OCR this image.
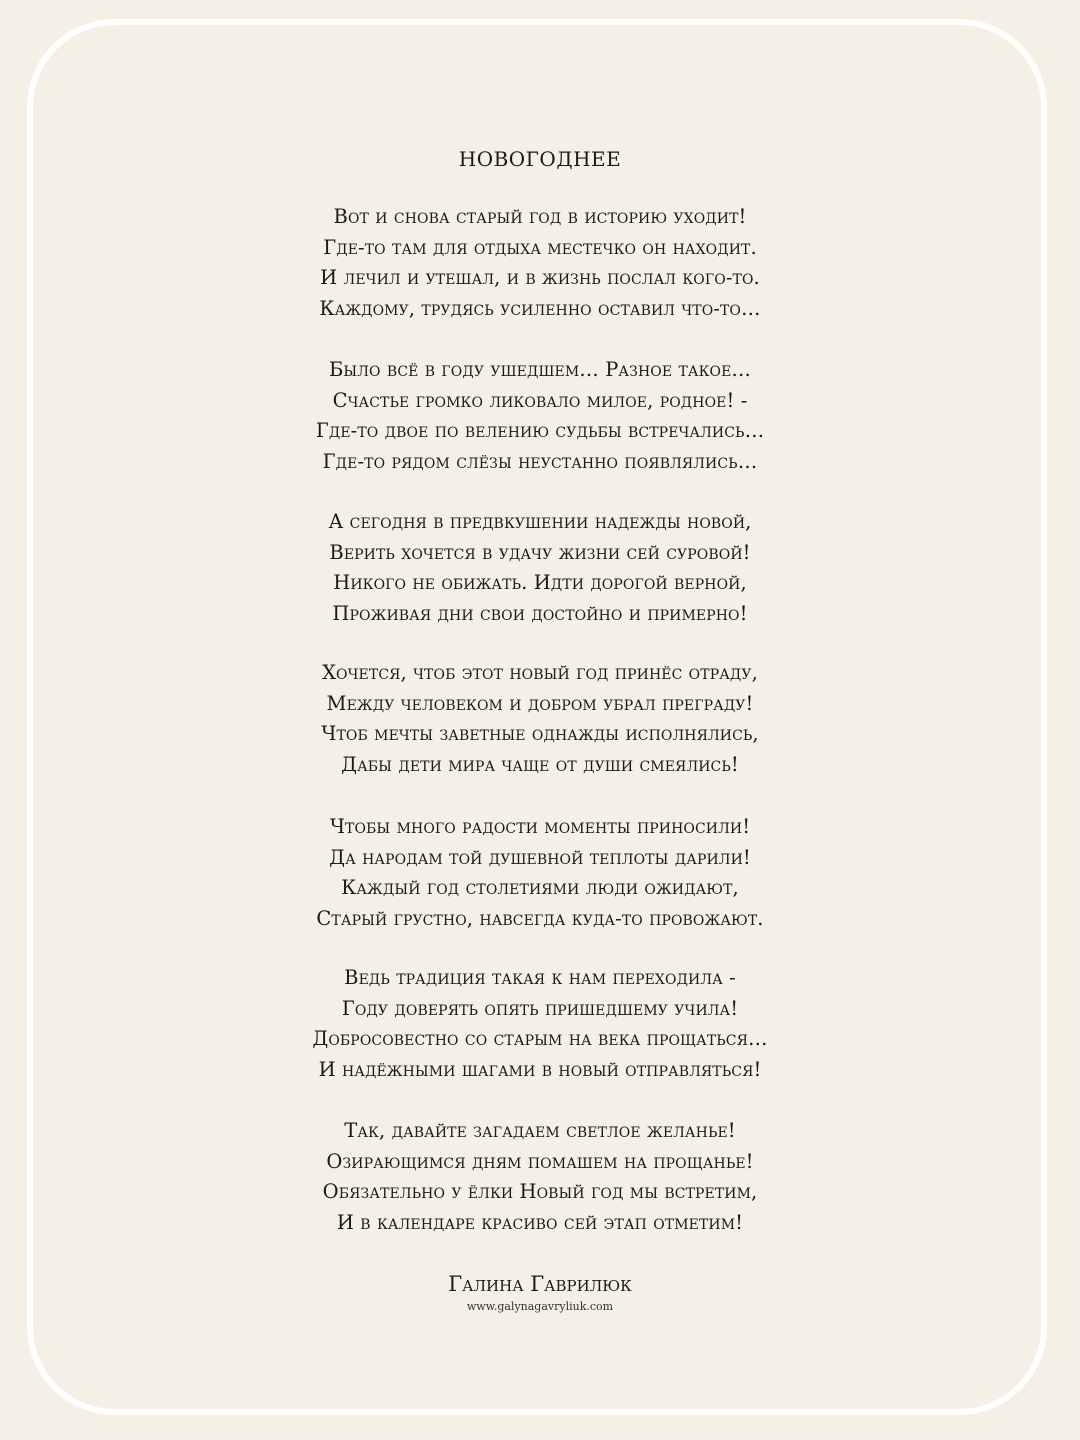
НОВОГОДНЕЕ
Вот и снова старый год в историю уходит!
Где-то там для отдыха местечко он находит.
И лечил и утешал, и в жизнь послал кого-то.
Каждому, трудясь усиленно оставил что-то…
Было всё в году ушедшем… Разное такое…
Счастье громко ликовало милое, родное! -
Где-то двое по велению судьбы встречались…
Где-то рядом слёзы неустанно появлялись…
А сегодня в предвкушении надежды новой,
Верить хочется в удачу жизни сей суровой!
Никого не обижать. Идти дорогой верной,
Проживая дни свои достойно и примерно!
Хочется, чтоб этот новый год принёс отраду,
Между человеком и добром убрал преграду!
Чтоб мечты заветные однажды исполнялись,
Дабы дети мира чаще от души смеялись!
Чтобы много радости моменты приносили!
Да народам той душевной теплоты дарили!
Каждый год столетиями люди ожидают,
Старый грустно, навсегда куда-то провожают.
Ведь традиция такая к нам переходила -
Году доверять опять пришедшему учила!
Добросовестно со старым на века прощаться…
И надёжными шагами в новый отправляться!
Так, давайте загадаем светлое желанье!
Озирающимся дням помашем на прощанье!
Обязательно у ёлки Новый год мы встретим,
И в календаре красиво сей этап отметим!
Галина Гаврилюк
www.galynagavryliuk.com
